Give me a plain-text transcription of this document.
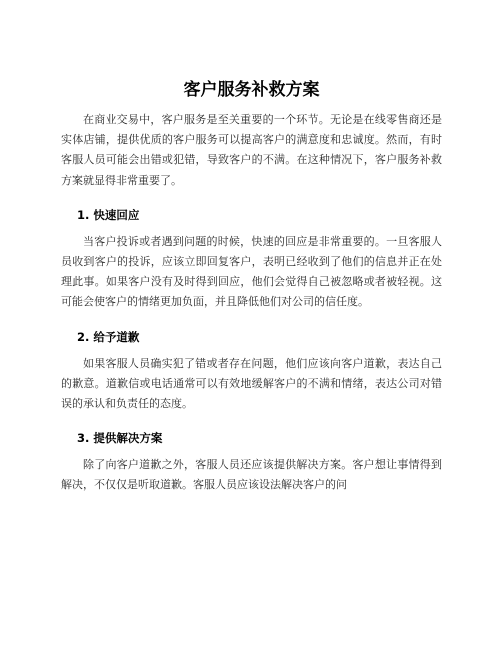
客户服务补救方案

在商业交易中，客户服务是至关重要的一个环节。无论是在线零售商还是实体店铺，提供优质的客户服务可以提高客户的满意度和忠诚度。然而，有时客服人员可能会出错或犯错，导致客户的不满。在这种情况下，客户服务补救方案就显得非常重要了。

1. 快速回应

当客户投诉或者遇到问题的时候，快速的回应是非常重要的。一旦客服人员收到客户的投诉，应该立即回复客户，表明已经收到了他们的信息并正在处理此事。如果客户没有及时得到回应，他们会觉得自己被忽略或者被轻视。这可能会使客户的情绪更加负面，并且降低他们对公司的信任度。

2. 给予道歉

如果客服人员确实犯了错或者存在问题，他们应该向客户道歉，表达自己的歉意。道歉信或电话通常可以有效地缓解客户的不满和情绪，表达公司对错误的承认和负责任的态度。

3. 提供解决方案

除了向客户道歉之外，客服人员还应该提供解决方案。客户想让事情得到解决，不仅仅是听取道歉。客服人员应该设法解决客户的问
